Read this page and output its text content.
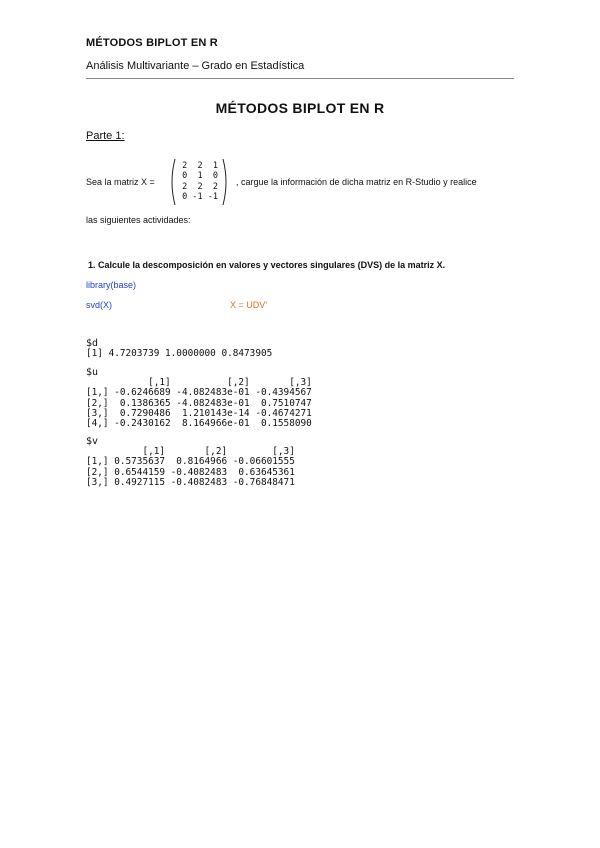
MÉTODOS BIPLOT EN R
Análisis Multivariante – Grado en Estadística
MÉTODOS BIPLOT EN R
Parte 1:
Sea la matriz X =
2  2  1
0  1  0
2  2  2
0 -1 -1
, cargue la información de dicha matriz en R-Studio y realice
las siguientes actividades:
1. Calcule la descomposición en valores y vectores singulares (DVS) de la matriz X.
library(base)
svd(X)	X = UDV’
$d
[1] 4.7203739 1.0000000 0.8473905
$u
[,1]          [,2]       [,3]
[1,] -0.6246689 -4.082483e-01 -0.4394567
[2,]  0.1386365 -4.082483e-01  0.7510747
[3,]  0.7290486  1.210143e-14 -0.4674271
[4,] -0.2430162  8.164966e-01  0.1558090
$v
[,1]       [,2]        [,3]
[1,] 0.5735637  0.8164966 -0.06601555
[2,] 0.6544159 -0.4082483  0.63645361
[3,] 0.4927115 -0.4082483 -0.76848471
